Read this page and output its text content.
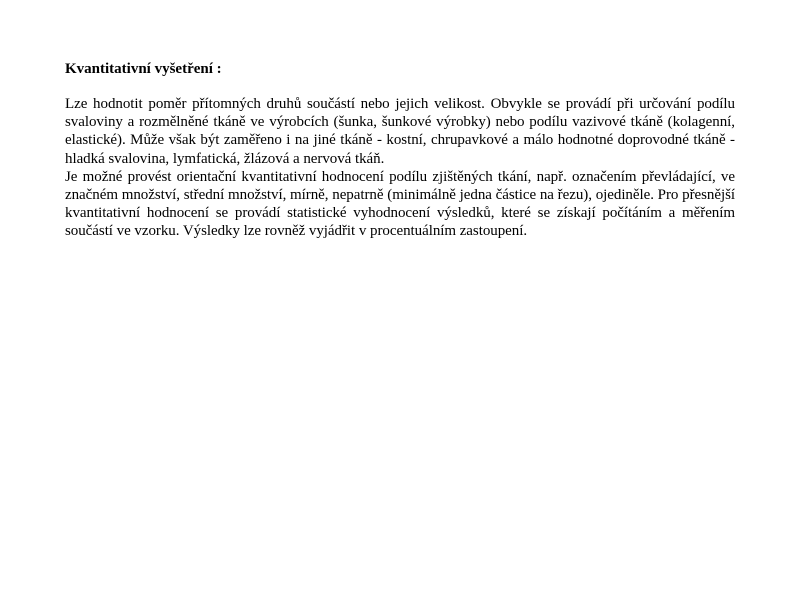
Kvantitativní vyšetření :

Lze hodnotit poměr přítomných druhů součástí nebo jejich velikost. Obvykle se provádí při určování podílu svaloviny a rozmělněné tkáně ve výrobcích (šunka, šunkové výrobky) nebo podílu vazivové tkáně (kolagenní, elastické). Může však být zaměřeno i na jiné tkáně - kostní, chrupavkové a málo hodnotné doprovodné tkáně - hladká svalovina, lymfatická, žlázová a nervová tkáň.

Je možné provést orientační kvantitativní hodnocení podílu zjištěných tkání, např. označením převládající, ve značném množství, střední množství, mírně, nepatrně (minimálně jedna částice na řezu), ojediněle. Pro přesnější kvantitativní hodnocení se provádí statistické vyhodnocení výsledků, které se získají počítáním a měřením součástí ve vzorku. Výsledky lze rovněž vyjádřit v procentuálním zastoupení.
